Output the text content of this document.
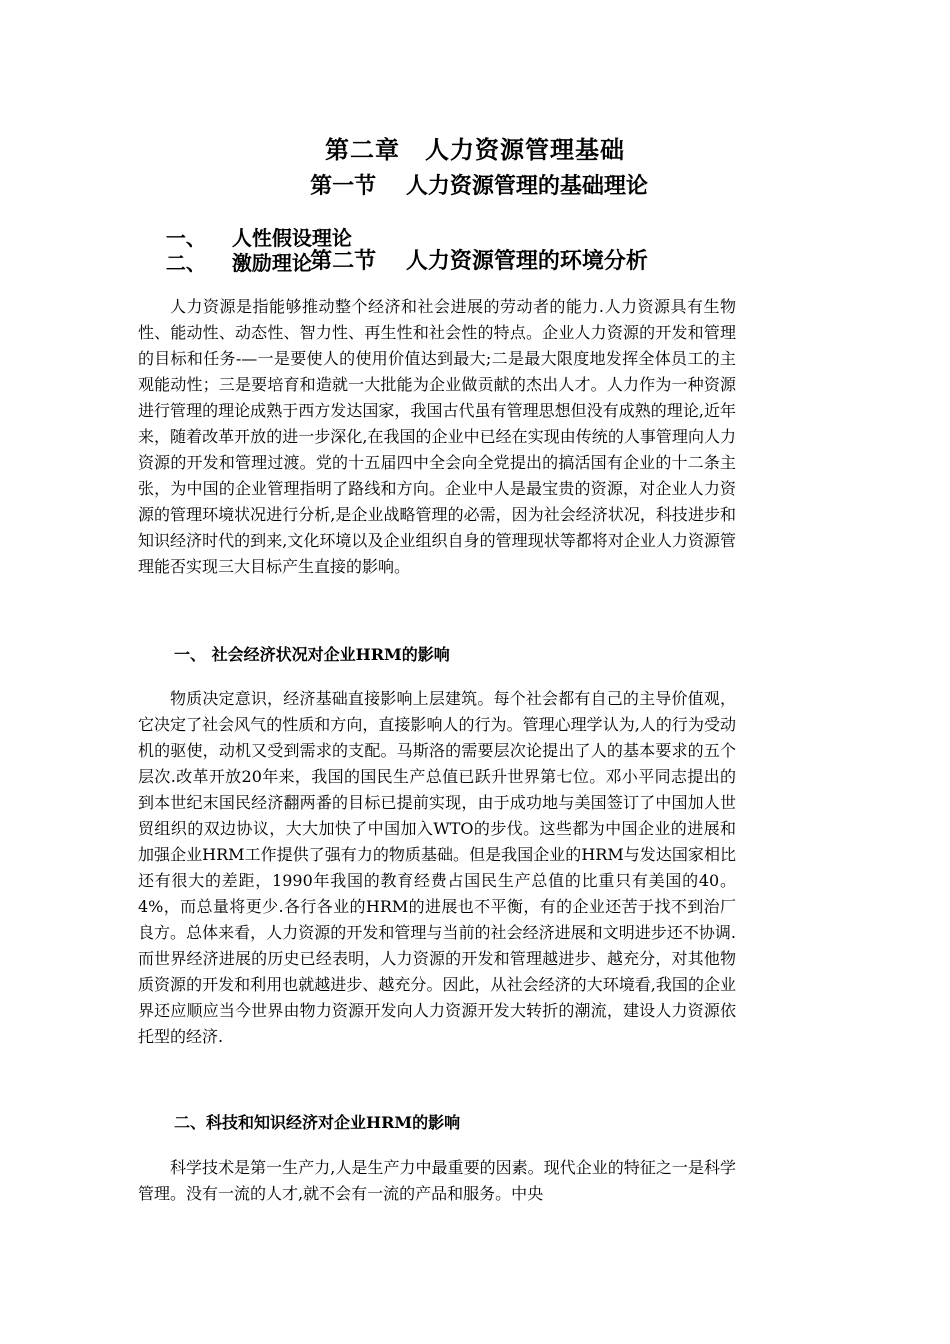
第二章　人力资源管理基础
第一节　 人力资源管理的基础理论

一、 人性假设理论

二、 激励理论

第二节　 人力资源管理的环境分析

人力资源是指能够推动整个经济和社会进展的劳动者的能力.人力资源具有生物性、能动性、动态性、智力性、再生性和社会性的特点。企业人力资源的开发和管理的目标和任务-—一是要使人的使用价值达到最大;二是最大限度地发挥全体员工的主观能动性；三是要培育和造就一大批能为企业做贡献的杰出人才。人力作为一种资源进行管理的理论成熟于西方发达国家，我国古代虽有管理思想但没有成熟的理论,近年来，随着改革开放的进一步深化,在我国的企业中已经在实现由传统的人事管理向人力资源的开发和管理过渡。党的十五届四中全会向全党提出的搞活国有企业的十二条主张，为中国的企业管理指明了路线和方向。企业中人是最宝贵的资源，对企业人力资源的管理环境状况进行分析,是企业战略管理的必需，因为社会经济状况，科技进步和知识经济时代的到来,文化环境以及企业组织自身的管理现状等都将对企业人力资源管理能否实现三大目标产生直接的影响。

一、 社会经济状况对企业HRM的影响

物质决定意识，经济基础直接影响上层建筑。每个社会都有自己的主导价值观，它决定了社会风气的性质和方向，直接影响人的行为。管理心理学认为,人的行为受动机的驱使，动机又受到需求的支配。马斯洛的需要层次论提出了人的基本要求的五个层次.改革开放20年来，我国的国民生产总值已跃升世界第七位。邓小平同志提出的到本世纪末国民经济翻两番的目标已提前实现，由于成功地与美国签订了中国加人世贸组织的双边协议，大大加快了中国加入WTO的步伐。这些都为中国企业的进展和加强企业HRM工作提供了强有力的物质基础。但是我国企业的HRM与发达国家相比还有很大的差距，1990年我国的教育经费占国民生产总值的比重只有美国的40。4%，而总量将更少.各行各业的HRM的进展也不平衡，有的企业还苦于找不到治厂良方。总体来看，人力资源的开发和管理与当前的社会经济进展和文明进步还不协调.而世界经济进展的历史已经表明，人力资源的开发和管理越进步、越充分，对其他物质资源的开发和利用也就越进步、越充分。因此，从社会经济的大环境看,我国的企业界还应顺应当今世界由物力资源开发向人力资源开发大转折的潮流，建设人力资源依托型的经济.

二、科技和知识经济对企业HRM的影响

科学技术是第一生产力,人是生产力中最重要的因素。现代企业的特征之一是科学管理。没有一流的人才,就不会有一流的产品和服务。中央
